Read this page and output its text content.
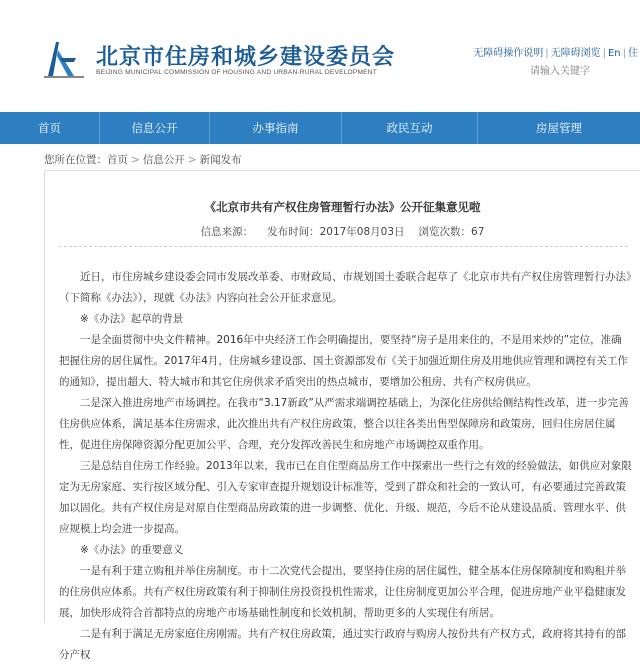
北京市住房和城乡建设委员会
BEIJING MUNICIPAL COMMISSION OF HOUSING AND URBAN-RURAL DEVELOPMENT
无障碍操作说明 | 无障碍浏览 | En | 住
请输入关键字
首页	信息公开	办事指南	政民互动	房屋管理
您所在位置：首页 > 信息公开 > 新闻发布
《北京市共有产权住房管理暂行办法》公开征集意见啦
信息来源： 发布时间：2017年08月03日 浏览次数：67

近日，市住房城乡建设委会同市发展改革委、市财政局、市规划国土委联合起草了《北京市共有产权住房管理暂行办法》（下简称《办法》），现就《办法》内容向社会公开征求意见。

※《办法》起草的背景

一是全面贯彻中央文件精神。2016年中央经济工作会明确提出，要坚持“房子是用来住的，不是用来炒的”定位，准确把握住房的居住属性。2017年4月，住房城乡建设部、国土资源部发布《关于加强近期住房及用地供应管理和调控有关工作的通知》，提出超大、特大城市和其它住房供求矛盾突出的热点城市，要增加公租房、共有产权房供应。

二是深入推进房地产市场调控。在我市“3.17新政”从严需求端调控基础上，为深化住房供给侧结构性改革，进一步完善住房供应体系，满足基本住房需求，此次推出共有产权住房政策，整合以往各类出售型保障房和政策房，回归住房居住属性，促进住房保障资源分配更加公平、合理，充分发挥改善民生和房地产市场调控双重作用。

三是总结自住房工作经验。2013年以来，我市已在自住型商品房工作中探索出一些行之有效的经验做法，如供应对象限定为无房家庭、实行按区域分配、引入专家审查提升规划设计标准等，受到了群众和社会的一致认可，有必要通过完善政策加以固化。共有产权住房是对原自住型商品房政策的进一步调整、优化、升级、规范，今后不论从建设品质、管理水平、供应规模上均会进一步提高。

※《办法》的重要意义

一是有利于建立购租并举住房制度。市十二次党代会提出，要坚持住房的居住属性，健全基本住房保障制度和购租并举的住房供应体系。共有产权住房政策有利于抑制住房投资投机性需求，让住房制度更加公平合理，促进房地产业平稳健康发展，加快形成符合首都特点的房地产市场基础性制度和长效机制，帮助更多的人实现住有所居。

二是有利于满足无房家庭住房刚需。共有产权住房政策，通过实行政府与购房人按份共有产权方式，政府将其持有的部分产权
